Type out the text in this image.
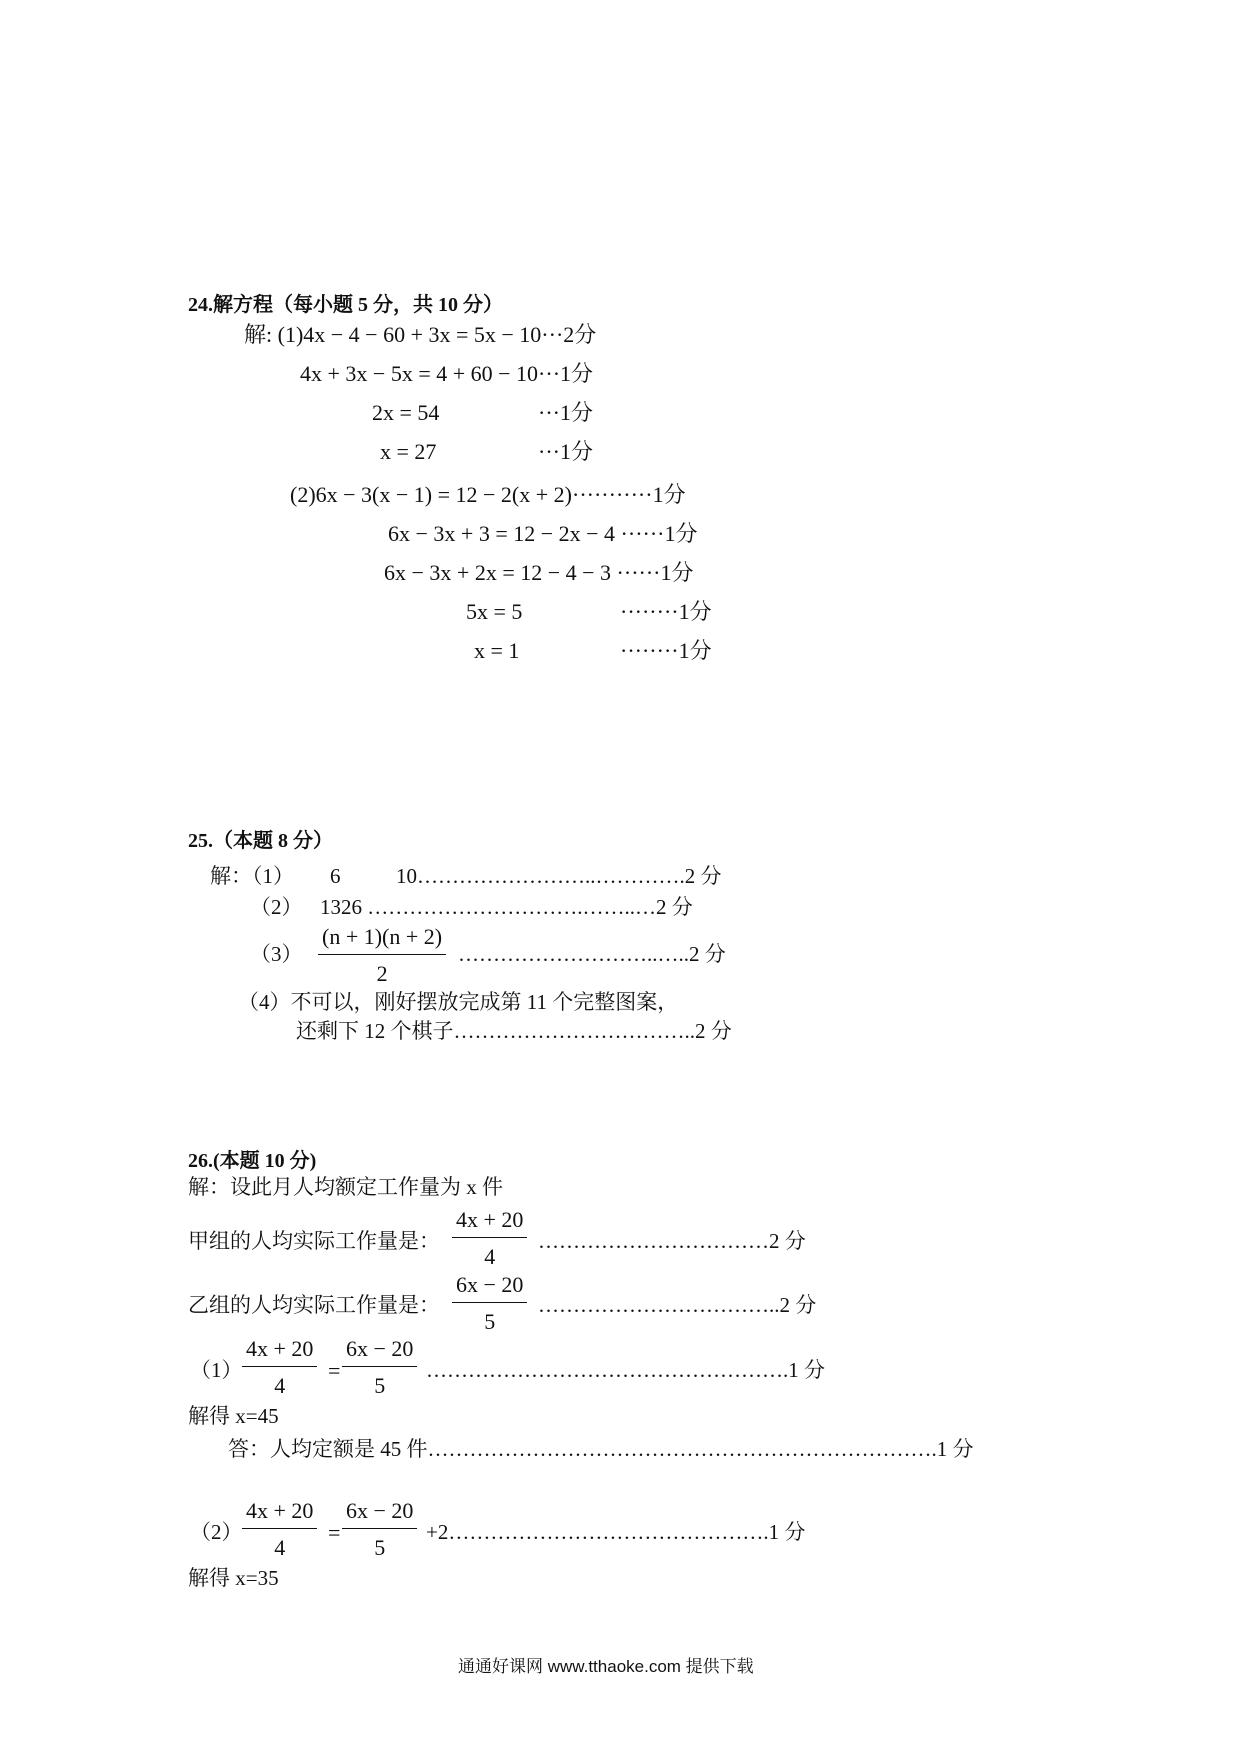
24.解方程（每小题 5 分，共 10 分）
解: (1)4x − 4 − 60 + 3x = 5x − 10···2分
4x + 3x − 5x = 4 + 60 − 10···1分
2x = 54	···1分
x = 27	···1分
(2)6x − 3(x − 1) = 12 − 2(x + 2)···········1分
6x − 3x + 3 = 12 − 2x − 4 ······1分
6x − 3x + 2x = 12 − 4 − 3 ······1分
5x = 5	········1分
x = 1	········1分
25.（本题 8 分）
解：（1） 6	10……………………..………….2 分
（2） 1326 ………………………….……..…2 分
$(3) \frac{(n + 1)(n + 2)}{2}$ ………………………..…..2 分
（4）不可以，刚好摆放完成第 11 个完整图案，
还剩下 12 个棋子……………………………..2 分
26.(本题 10 分)
解：设此月人均额定工作量为 x 件
甲组的人均实际工作量是： $\frac{4x + 20}{4}$ ……………………………2 分
乙组的人均实际工作量是： $\frac{6x - 20}{5}$ ……………………………..2 分
$(1) \frac{4x + 20}{4} = \frac{6x - 20}{5}$ …………………………………………….1 分
解得 x=45
答：人均定额是 45 件……………………………………………………………….1 分
$(2) \frac{4x + 20}{4} = \frac{6x - 20}{5}$ +2……………………………………….1 分
解得 x=35
通通好课网 www.tthaoke.com 提供下载
